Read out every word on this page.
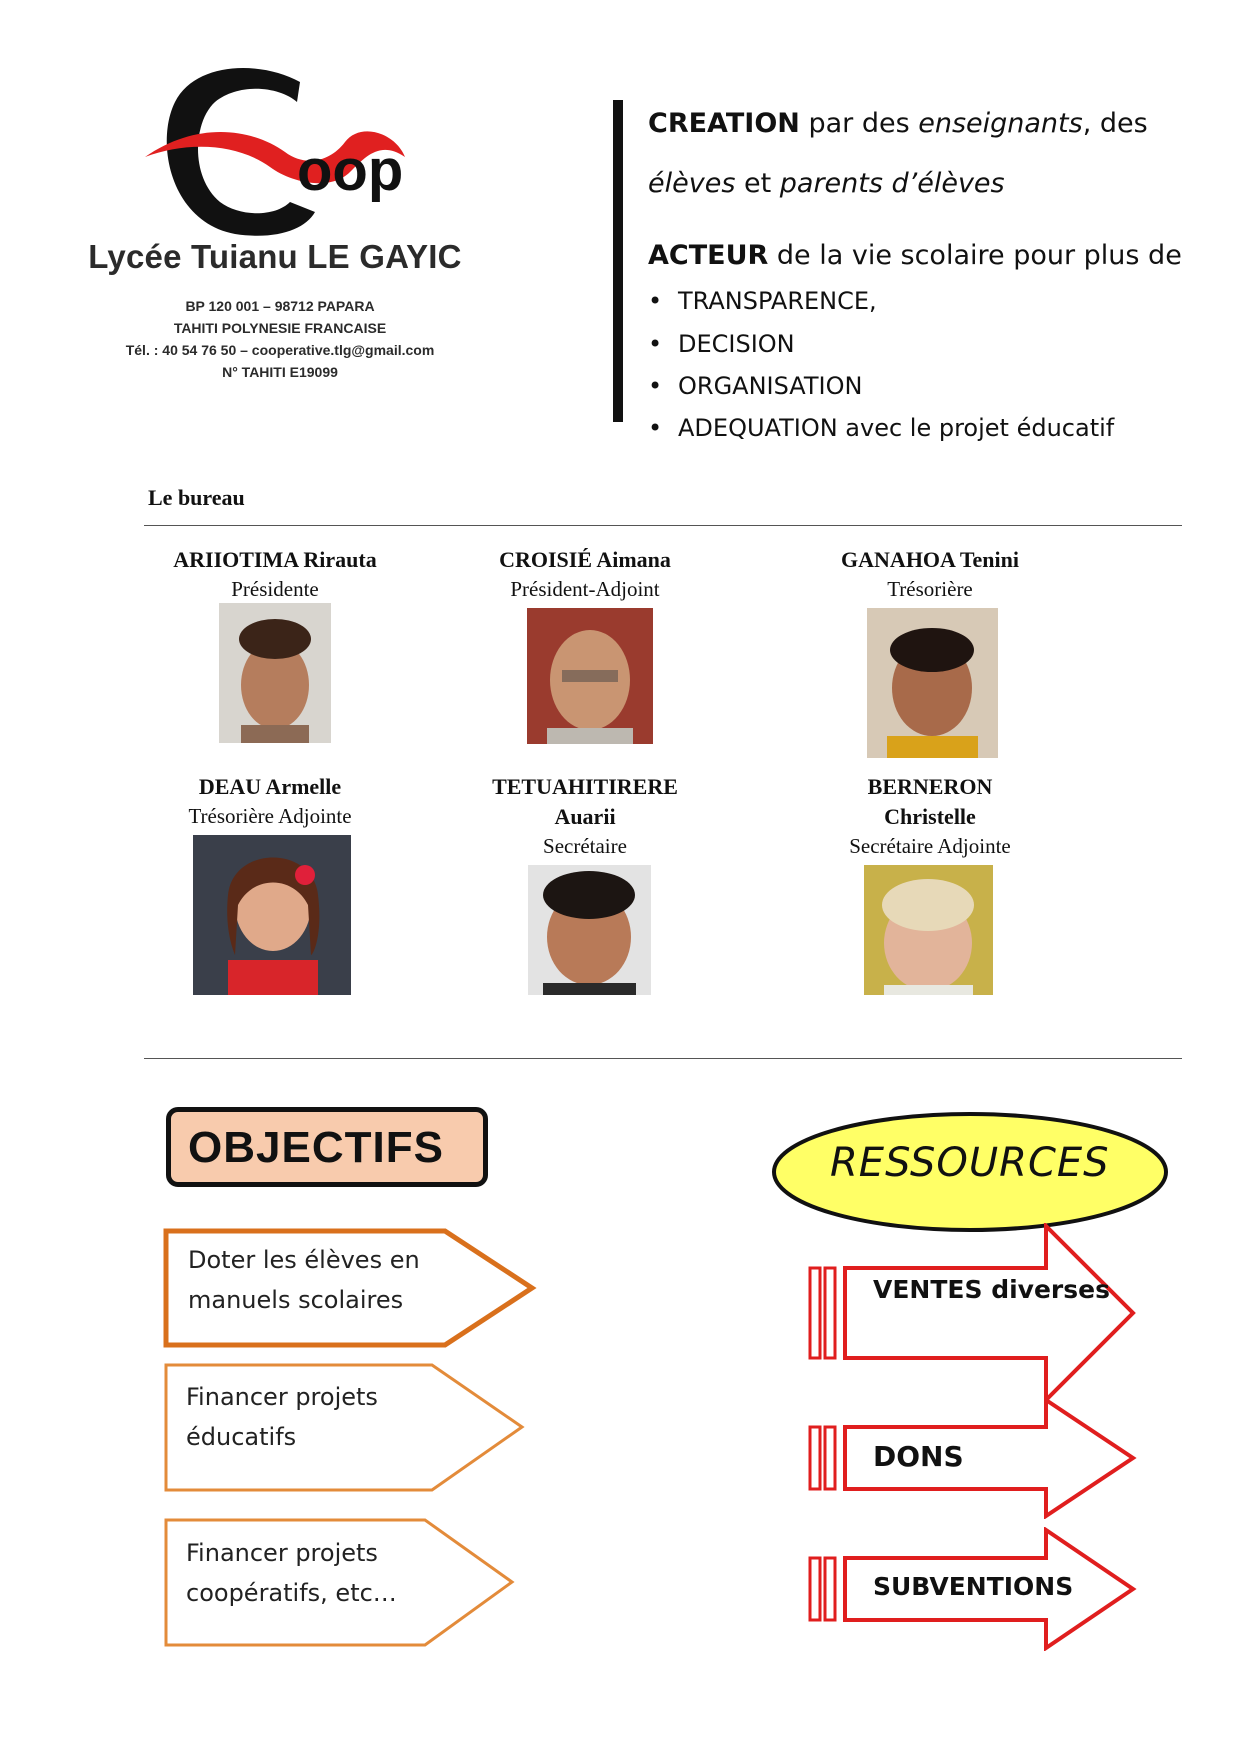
oop
Lycée Tuianu LE GAYIC
BP 120 001 – 98712 PAPARA
TAHITI POLYNESIE FRANCAISE
Tél. : 40 54 76 50 – cooperative.tlg@gmail.com
N° TAHITI E19099
CREATION par des enseignants, des
élèves et parents d’élèves
ACTEUR de la vie scolaire pour plus de
• TRANSPARENCE,
• DECISION
• ORGANISATION
• ADEQUATION avec le projet éducatif
Le bureau
ARIIOTIMA Rirauta
Présidente
CROISIÉ Aimana
Président-Adjoint
GANAHOA Tenini
Trésorière
DEAU Armelle
Trésorière Adjointe
TETUAHITIRERE
Auarii
Secrétaire
BERNERON
Christelle
Secrétaire Adjointe
OBJECTIFS
Doter les élèves en
manuels scolaires
Financer projets
éducatifs
Financer projets
coopératifs, etc…
RESSOURCES
VENTES diverses
DONS
SUBVENTIONS
